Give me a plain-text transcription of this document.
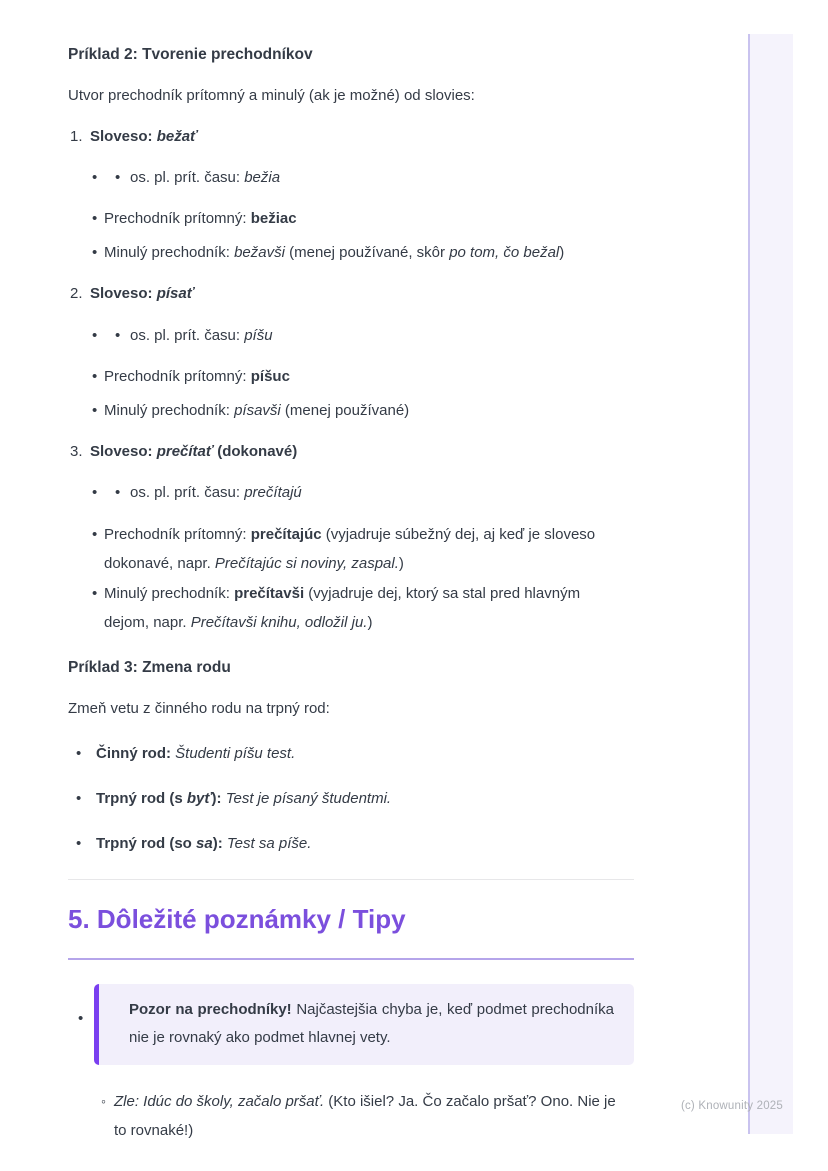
Príklad 2: Tvorenie prechodníkov

Utvor prechodník prítomný a minulý (ak je možné) od slovies:

1. Sloveso: bežať
•	• os. pl. prít. času: bežia
• Prechodník prítomný: bežiac
• Minulý prechodník: bežavši (menej používané, skôr po tom, čo bežal)
2. Sloveso: písať
•	• os. pl. prít. času: píšu
• Prechodník prítomný: píšuc
• Minulý prechodník: písavši (menej používané)
3. Sloveso: prečítať (dokonavé)
•	• os. pl. prít. času: prečítajú
• Prechodník prítomný: prečítajúc (vyjadruje súbežný dej, aj keď je sloveso dokonavé, napr. Prečítajúc si noviny, zaspal.)
• Minulý prechodník: prečítavši (vyjadruje dej, ktorý sa stal pred hlavným dejom, napr. Prečítavši knihu, odložil ju.)
Príklad 3: Zmena rodu

Zmeň vetu z činného rodu na trpný rod:

• Činný rod: Študenti píšu test.
• Trpný rod (s byť): Test je písaný študentmi.
• Trpný rod (so sa): Test sa píše.
5. Dôležité poznámky / Tipy
•
Pozor na prechodníky! Najčastejšia chyba je, keď podmet prechodníka nie je rovnaký ako podmet hlavnej vety.
◦ Zle: Idúc do školy, začalo pršať. (Kto išiel? Ja. Čo začalo pršať? Ono. Nie je to rovnaké!)
(c) Knowunity 2025
